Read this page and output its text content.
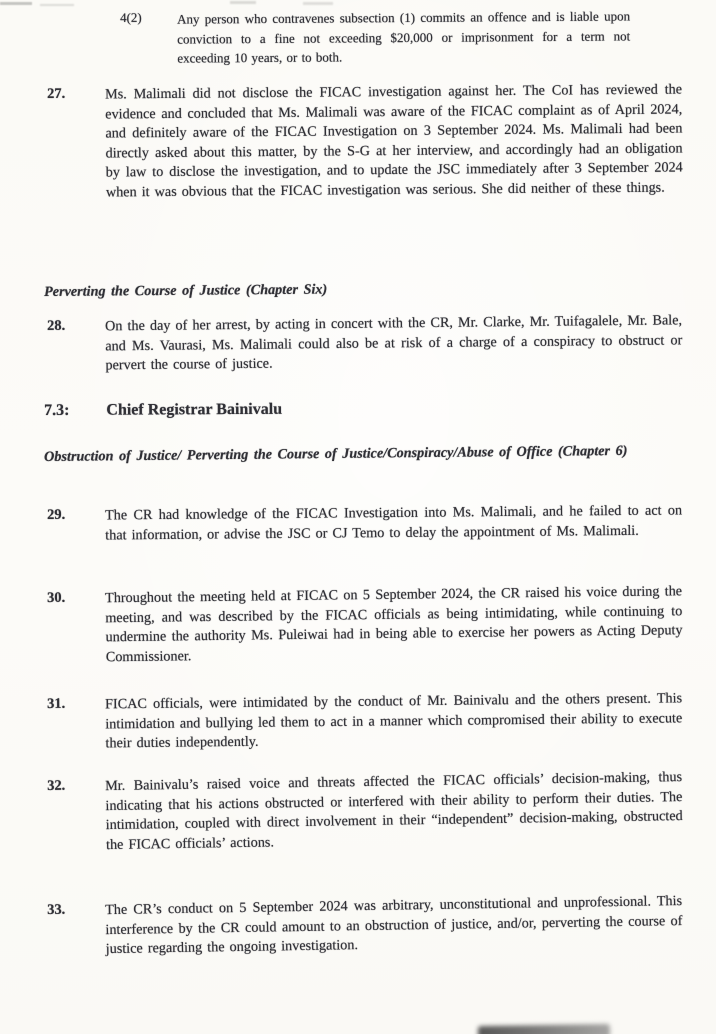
4(2)	Any person who contravenes subsection (1) commits an offence and is liable upon conviction to a fine not exceeding $20,000 or imprisonment for a term not exceeding 10 years, or to both.
27.	Ms. Malimali did not disclose the FICAC investigation against her. The CoI has reviewed the evidence and concluded that Ms. Malimali was aware of the FICAC complaint as of April 2024, and definitely aware of the FICAC Investigation on 3 September 2024. Ms. Malimali had been directly asked about this matter, by the S-G at her interview, and accordingly had an obligation by law to disclose the investigation, and to update the JSC immediately after 3 September 2024 when it was obvious that the FICAC investigation was serious. She did neither of these things.
Perverting the Course of Justice (Chapter Six)
28.	On the day of her arrest, by acting in concert with the CR, Mr. Clarke, Mr. Tuifagalele, Mr. Bale, and Ms. Vaurasi, Ms. Malimali could also be at risk of a charge of a conspiracy to obstruct or pervert the course of justice.
7.3: Chief Registrar Bainivalu
Obstruction of Justice/ Perverting the Course of Justice/Conspiracy/Abuse of Office (Chapter 6)
29.	The CR had knowledge of the FICAC Investigation into Ms. Malimali, and he failed to act on that information, or advise the JSC or CJ Temo to delay the appointment of Ms. Malimali.
30.	Throughout the meeting held at FICAC on 5 September 2024, the CR raised his voice during the meeting, and was described by the FICAC officials as being intimidating, while continuing to undermine the authority Ms. Puleiwai had in being able to exercise her powers as Acting Deputy Commissioner.
31.	FICAC officials, were intimidated by the conduct of Mr. Bainivalu and the others present. This intimidation and bullying led them to act in a manner which compromised their ability to execute their duties independently.
32.	Mr. Bainivalu’s raised voice and threats affected the FICAC officials’ decision-making, thus indicating that his actions obstructed or interfered with their ability to perform their duties. The intimidation, coupled with direct involvement in their “independent” decision-making, obstructed the FICAC officials’ actions.
33.	The CR’s conduct on 5 September 2024 was arbitrary, unconstitutional and unprofessional. This interference by the CR could amount to an obstruction of justice, and/or, perverting the course of justice regarding the ongoing investigation.
